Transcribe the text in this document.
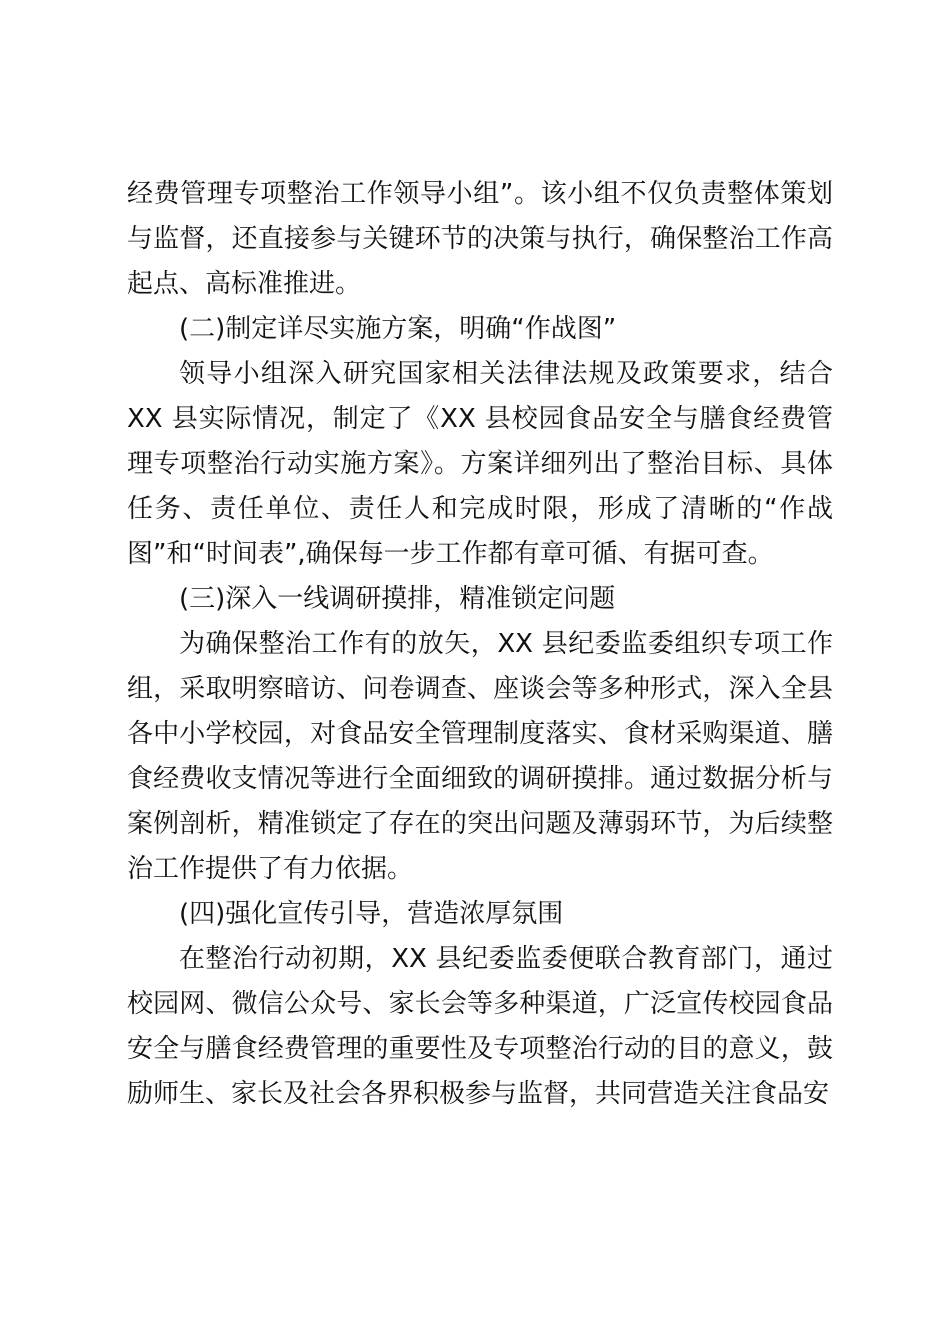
经费管理专项整治工作领导小组”。该小组不仅负责整体策划与监督，还直接参与关键环节的决策与执行，确保整治工作高起点、高标准推进。

(二)制定详尽实施方案，明确“作战图”

领导小组深入研究国家相关法律法规及政策要求，结合 XX 县实际情况，制定了《XX 县校园食品安全与膳食经费管理专项整治行动实施方案》。方案详细列出了整治目标、具体任务、责任单位、责任人和完成时限，形成了清晰的“作战图”和“时间表”,确保每一步工作都有章可循、有据可查。

(三)深入一线调研摸排，精准锁定问题

为确保整治工作有的放矢，XX 县纪委监委组织专项工作组，采取明察暗访、问卷调查、座谈会等多种形式，深入全县各中小学校园，对食品安全管理制度落实、食材采购渠道、膳食经费收支情况等进行全面细致的调研摸排。通过数据分析与案例剖析，精准锁定了存在的突出问题及薄弱环节，为后续整治工作提供了有力依据。

(四)强化宣传引导，营造浓厚氛围

在整治行动初期，XX 县纪委监委便联合教育部门，通过校园网、微信公众号、家长会等多种渠道，广泛宣传校园食品安全与膳食经费管理的重要性及专项整治行动的目的意义，鼓励师生、家长及社会各界积极参与监督，共同营造关注食品安
